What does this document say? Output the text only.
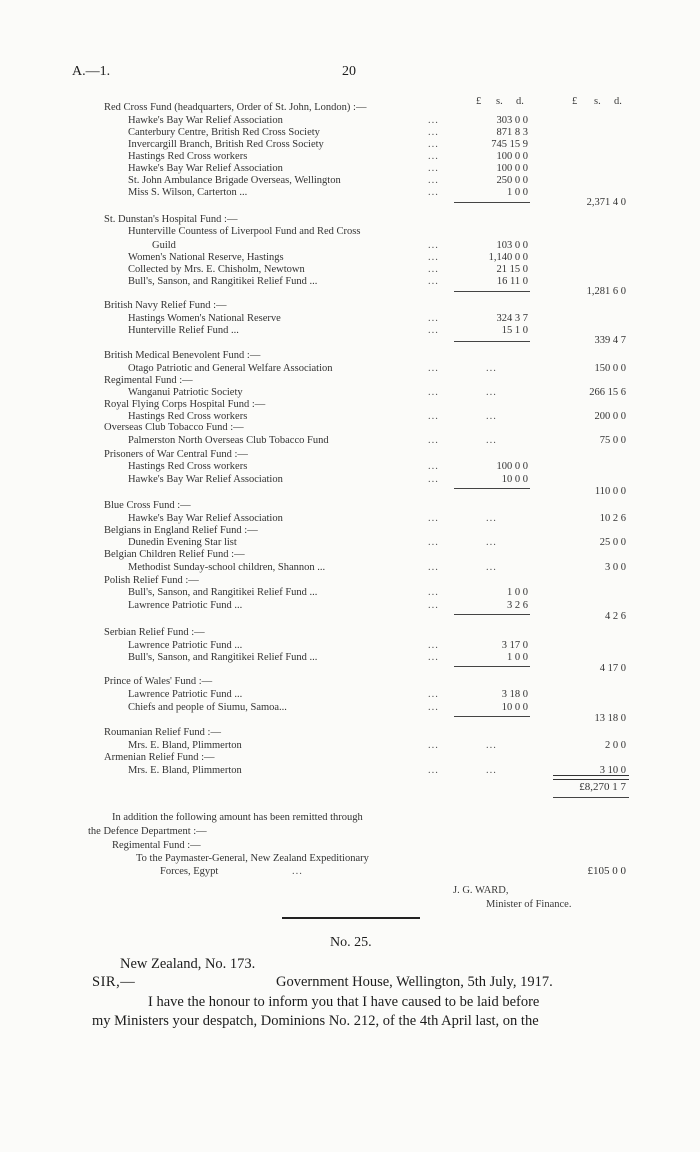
A.—1.	20
£ s. d.	£ s. d.
Red Cross Fund (headquarters, Order of St. John, London) :—
Hawke's Bay War Relief Association	...	303 0 0
Canterbury Centre, British Red Cross Society	...	871 8 3
Invercargill Branch, British Red Cross Society	...	745 15 9
Hastings Red Cross workers	...	100 0 0
Hawke's Bay War Relief Association	...	100 0 0
St. John Ambulance Brigade Overseas, Wellington	...	250 0 0
Miss S. Wilson, Carterton ...	...	1 0 0
2,371 4 0
St. Dunstan's Hospital Fund :—
Hunterville Countess of Liverpool Fund and Red Cross
Guild	...	103 0 0
Women's National Reserve, Hastings	...	1,140 0 0
Collected by Mrs. E. Chisholm, Newtown	...	21 15 0
Bull's, Sanson, and Rangitikei Relief Fund ...	...	16 11 0
1,281 6 0
British Navy Relief Fund :—
Hastings Women's National Reserve	...	324 3 7
Hunterville Relief Fund ...	...	15 1 0
339 4 7
British Medical Benevolent Fund :—
Otago Patriotic and General Welfare Association	...	...	150 0 0
Regimental Fund :—
Wanganui Patriotic Society	...	...	266 15 6
Royal Flying Corps Hospital Fund :—
Hastings Red Cross workers	...	...	200 0 0
Overseas Club Tobacco Fund :—
Palmerston North Overseas Club Tobacco Fund	...	...	75 0 0
Prisoners of War Central Fund :—
Hastings Red Cross workers	...	100 0 0
Hawke's Bay War Relief Association	...	10 0 0
110 0 0
Blue Cross Fund :—
Hawke's Bay War Relief Association	...	...	10 2 6
Belgians in England Relief Fund :—
Dunedin Evening Star list	...	...	25 0 0
Belgian Children Relief Fund :—
Methodist Sunday-school children, Shannon ...	...	...	3 0 0
Polish Relief Fund :—
Bull's, Sanson, and Rangitikei Relief Fund ...	...	1 0 0
Lawrence Patriotic Fund ...	...	3 2 6
4 2 6
Serbian Relief Fund :—
Lawrence Patriotic Fund ...	...	3 17 0
Bull's, Sanson, and Rangitikei Relief Fund ...	...	1 0 0
4 17 0
Prince of Wales' Fund :—
Lawrence Patriotic Fund ...	...	3 18 0
Chiefs and people of Siumu, Samoa...	...	10 0 0
13 18 0
Roumanian Relief Fund :—
Mrs. E. Bland, Plimmerton	...	...	2 0 0
Armenian Relief Fund :—
Mrs. E. Bland, Plimmerton	...	...	3 10 0
£8,270 1 7
In addition the following amount has been remitted through
the Defence Department :—
Regimental Fund :—
To the Paymaster-General, New Zealand Expeditionary
Forces, Egypt	...	£105 0 0
J. G. WARD,
Minister of Finance.
No. 25.
New Zealand, No. 173.
SIR,—	Government House, Wellington, 5th July, 1917.
I have the honour to inform you that I have caused to be laid before
my Ministers your despatch, Dominions No. 212, of the 4th April last, on the
